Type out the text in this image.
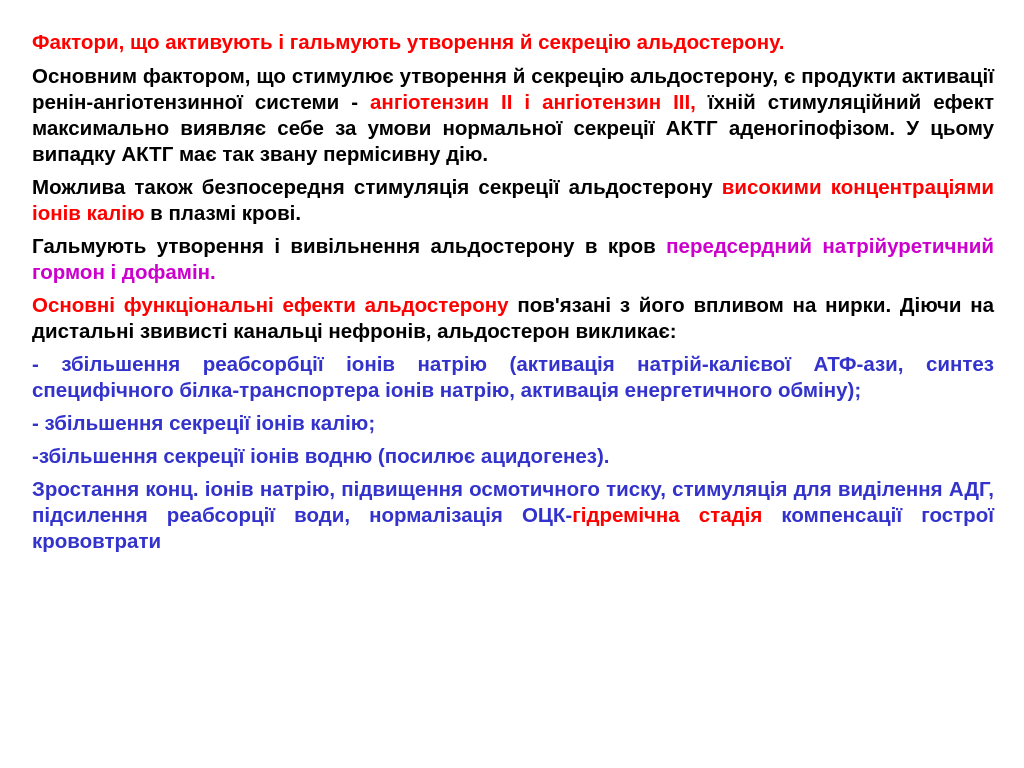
Фактори, що активують і гальмують утворення й секрецію альдостерону.

Основним фактором, що стимулює утворення й секрецію альдостерону, є продукти активації ренін-ангіотензинної системи - ангіотензин II і ангіотензин III, їхній стимуляційний ефект максимально виявляє себе за умови нормальної секреції АКТГ аденогіпофізом. У цьому випадку АКТГ має так звану пермісивну дію.

Можлива також безпосередня стимуляція секреції альдостерону високими концентраціями іонів калію в плазмі крові.

Гальмують утворення і вивільнення альдостерону в кров передсердний натрійуретичний гормон і дофамін.

Основні функціональні ефекти альдостерону пов'язані з його впливом на нирки. Діючи на дистальні звивисті канальці нефронів, альдостерон викликає:

- збільшення реабсорбції іонів натрію (активація натрій-калієвої АТФ-ази, синтез специфічного білка-транспортера іонів натрію, активація енергетичного обміну);

- збільшення секреції іонів калію;

-збільшення секреції іонів водню (посилює ацидогенез).

Зростання конц. іонів натрію, підвищення осмотичного тиску, стимуляція для виділення АДГ, підсилення реабсорції води, нормалізація ОЦК-гідремічна стадія компенсації гострої крововтрати
